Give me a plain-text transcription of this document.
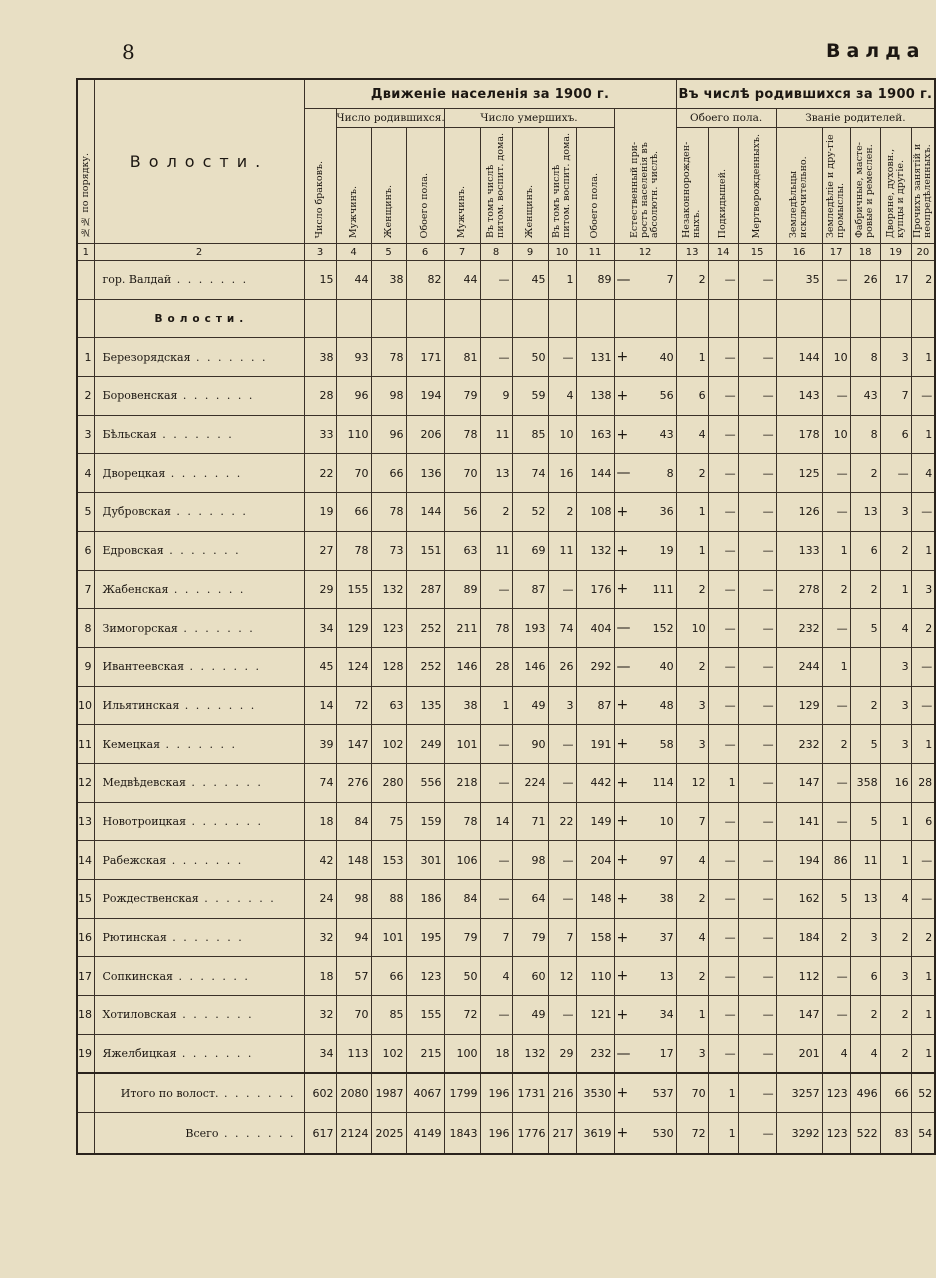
8	Валда
№№ по порядку.	Волости.	Движеніе населенія за 1900 г.											Въ числѣ родившихся за 1900 г.							
		Число браковъ.	Число родившихся.			Число умершихъ.					Естественный при-ростъ населенія въ абсолютн. числѣ.		Обоего пола.			Званіе родителей.				
			Мужчинъ.	Женщинъ.	Обоего пола.	Мужчинъ.	Въ томъ числѣ питом. воспит. дома.	Женщинъ.	Въ томъ числѣ питом. воспит. дома.	Обоего пола.			Незаконнорожден-ныхъ.	Подкидышей.	Мертворожденныхъ.	Земледѣльцы исключительно.	Земледѣліе и дру-гіе промыслы.	Фабричные, масте-ровые и ремеслен.	Дворяне, духовн., купцы и другіе.	Прочихъ занятій и неопредѣленныхъ.
1	2	3	4	5	6	7	8	9	10	11	12		13	14	15	16	17	18	19	20
	гор. Валдай . . . . . . .	15	44	38	82	44	—	45	1	89	—	7	2	—	—	35	—	26	17	2
	Волости.																			
1	Березорядская . . . . . . .	38	93	78	171	81	—	50	—	131	+	40	1	—	—	144	10	8	3	1
2	Боровенская . . . . . . .	28	96	98	194	79	9	59	4	138	+	56	6	—	—	143	—	43	7	—
3	Бѣльская . . . . . . .	33	110	96	206	78	11	85	10	163	+	43	4	—	—	178	10	8	6	1
4	Дворецкая . . . . . . .	22	70	66	136	70	13	74	16	144	—	8	2	—	—	125	—	2	—	4
5	Дубровская . . . . . . .	19	66	78	144	56	2	52	2	108	+	36	1	—	—	126	—	13	3	—
6	Едровская . . . . . . .	27	78	73	151	63	11	69	11	132	+	19	1	—	—	133	1	6	2	1
7	Жабенская . . . . . . .	29	155	132	287	89	—	87	—	176	+	111	2	—	—	278	2	2	1	3
8	Зимогорская . . . . . . .	34	129	123	252	211	78	193	74	404	—	152	10	—	—	232	—	5	4	2
9	Ивантеевская . . . . . . .	45	124	128	252	146	28	146	26	292	—	40	2	—	—	244	1		3	—
10	Ильятинская . . . . . . .	14	72	63	135	38	1	49	3	87	+	48	3	—	—	129	—	2	3	—
11	Кемецкая . . . . . . .	39	147	102	249	101	—	90	—	191	+	58	3	—	—	232	2	5	3	1
12	Медвѣдевская . . . . . . .	74	276	280	556	218	—	224	—	442	+	114	12	1	—	147	—	358	16	28
13	Новотроицкая . . . . . . .	18	84	75	159	78	14	71	22	149	+	10	7	—	—	141	—	5	1	6
14	Рабежская . . . . . . .	42	148	153	301	106	—	98	—	204	+	97	4	—	—	194	86	11	1	—
15	Рождественская . . . . . . .	24	98	88	186	84	—	64	—	148	+	38	2	—	—	162	5	13	4	—
16	Рютинская . . . . . . .	32	94	101	195	79	7	79	7	158	+	37	4	—	—	184	2	3	2	2
17	Сопкинская . . . . . . .	18	57	66	123	50	4	60	12	110	+	13	2	—	—	112	—	6	3	1
18	Хотиловская . . . . . . .	32	70	85	155	72	—	49	—	121	+	34	1	—	—	147	—	2	2	1
19	Яжелбицкая . . . . . . .	34	113	102	215	100	18	132	29	232	—	17	3	—	—	201	4	4	2	1
	Итого по волост. . . . . . . .	602	2080	1987	4067	1799	196	1731	216	3530	+	537	70	1	—	3257	123	496	66	52
	Всего . . . . . . .	617	2124	2025	4149	1843	196	1776	217	3619	+	530	72	1	—	3292	123	522	83	54
